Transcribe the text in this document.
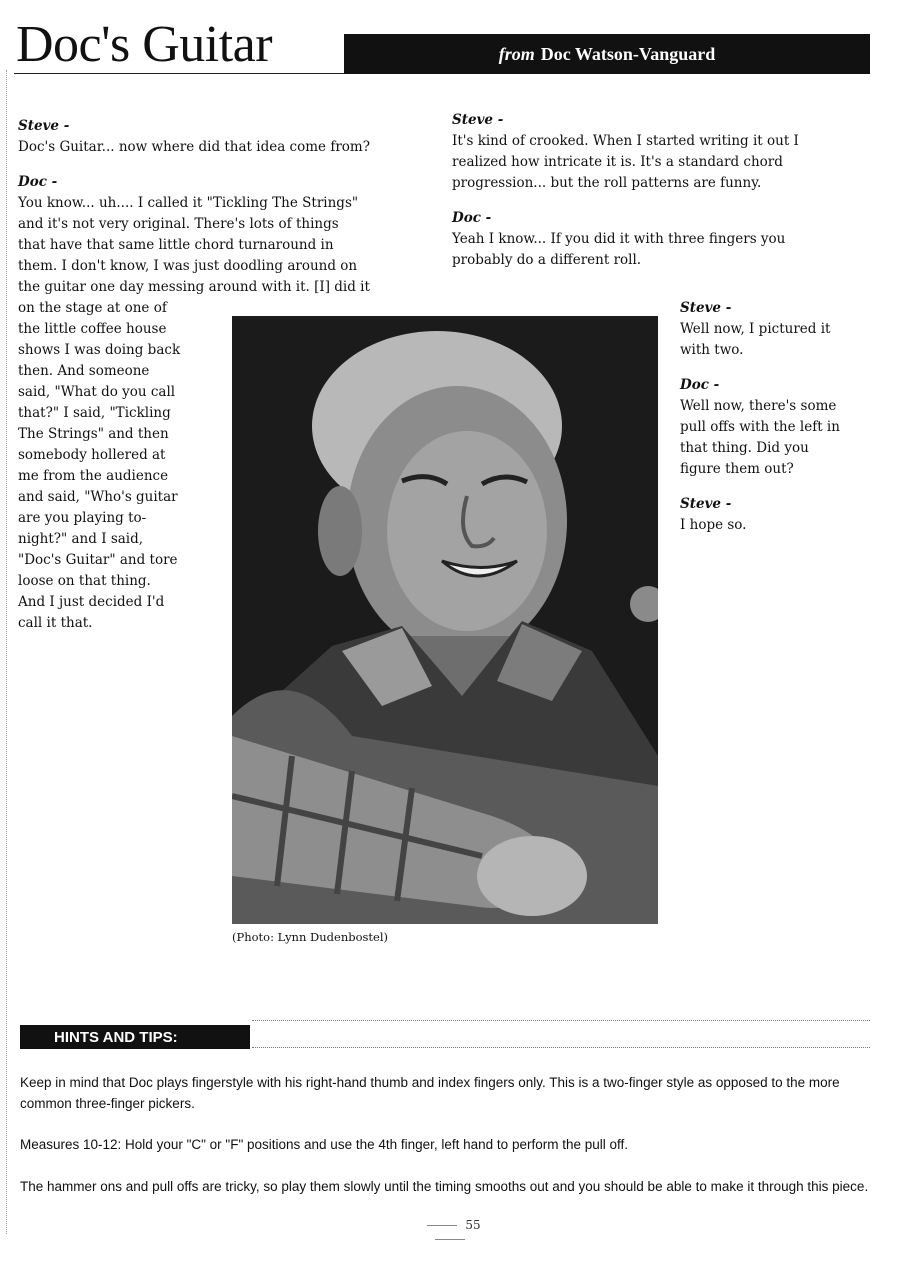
Doc's Guitar	from Doc Watson-Vanguard
Steve -

Doc's Guitar... now where did that idea come from?

Doc -
You know... uh.... I called it "Tickling The Strings"
and it's not very original. There's lots of things
that have that same little chord turnaround in
them. I don't know, I was just doodling around on
the guitar one day messing around with it. [I] did it
on the stage at one of
the little coffee house
shows I was doing back
then. And someone
said, "What do you call
that?" I said, "Tickling
The Strings" and then
somebody hollered at
me from the audience
and said, "Who's guitar
are you playing to-
night?" and I said,
"Doc's Guitar" and tore
loose on that thing.
And I just decided I'd
call it that.
Steve -
It's kind of crooked. When I started writing it out I
realized how intricate it is. It's a standard chord
progression... but the roll patterns are funny.
Doc -
Yeah I know... If you did it with three fingers you
probably do a different roll.
Steve -
Well now, I pictured it
with two.
Doc -
Well now, there's some
pull offs with the left in
that thing. Did you
figure them out?
Steve -
I hope so.
(Photo: Lynn Dudenbostel)
HINTS AND TIPS:

Keep in mind that Doc plays fingerstyle with his right-hand thumb and index fingers only. This is a two-finger style as opposed to the more common three-finger pickers.

Measures 10-12: Hold your "C" or "F" positions and use the 4th finger, left hand to perform the pull off.

The hammer ons and pull offs are tricky, so play them slowly until the timing smooths out and you should be able to make it through this piece.

55
